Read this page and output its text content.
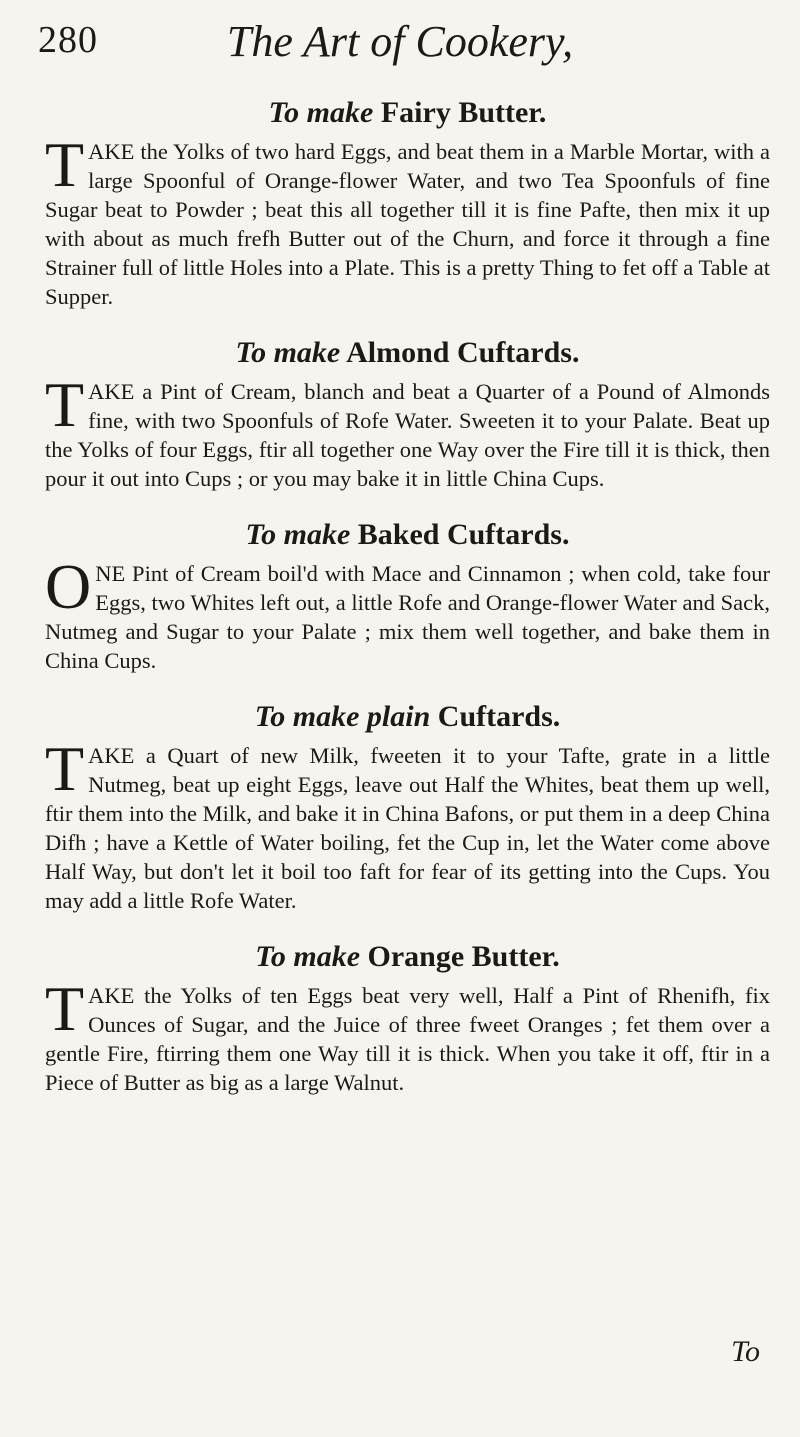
280	The Art of Cookery,
To make Fairy Butter.

TAKE the Yolks of two hard Eggs, and beat them in a Marble Mortar, with a large Spoonful of Orange-flower Water, and two Tea Spoonfuls of fine Sugar beat to Powder ; beat this all together till it is fine Pafte, then mix it up with about as much frefh Butter out of the Churn, and force it through a fine Strainer full of little Holes into a Plate. This is a pretty Thing to fet off a Table at Supper.

To make Almond Cuftards.

TAKE a Pint of Cream, blanch and beat a Quarter of a Pound of Almonds fine, with two Spoonfuls of Rofe Water. Sweeten it to your Palate. Beat up the Yolks of four Eggs, ftir all together one Way over the Fire till it is thick, then pour it out into Cups ; or you may bake it in little China Cups.

To make Baked Cuftards.

ONE Pint of Cream boil'd with Mace and Cinnamon ; when cold, take four Eggs, two Whites left out, a little Rofe and Orange-flower Water and Sack, Nutmeg and Sugar to your Palate ; mix them well together, and bake them in China Cups.

To make plain Cuftards.

TAKE a Quart of new Milk, fweeten it to your Tafte, grate in a little Nutmeg, beat up eight Eggs, leave out Half the Whites, beat them up well, ftir them into the Milk, and bake it in China Bafons, or put them in a deep China Difh ; have a Kettle of Water boiling, fet the Cup in, let the Water come above Half Way, but don't let it boil too faft for fear of its getting into the Cups. You may add a little Rofe Water.

To make Orange Butter.

TAKE the Yolks of ten Eggs beat very well, Half a Pint of Rhenifh, fix Ounces of Sugar, and the Juice of three fweet Oranges ; fet them over a gentle Fire, ftirring them one Way till it is thick. When you take it off, ftir in a Piece of Butter as big as a large Walnut.

To
